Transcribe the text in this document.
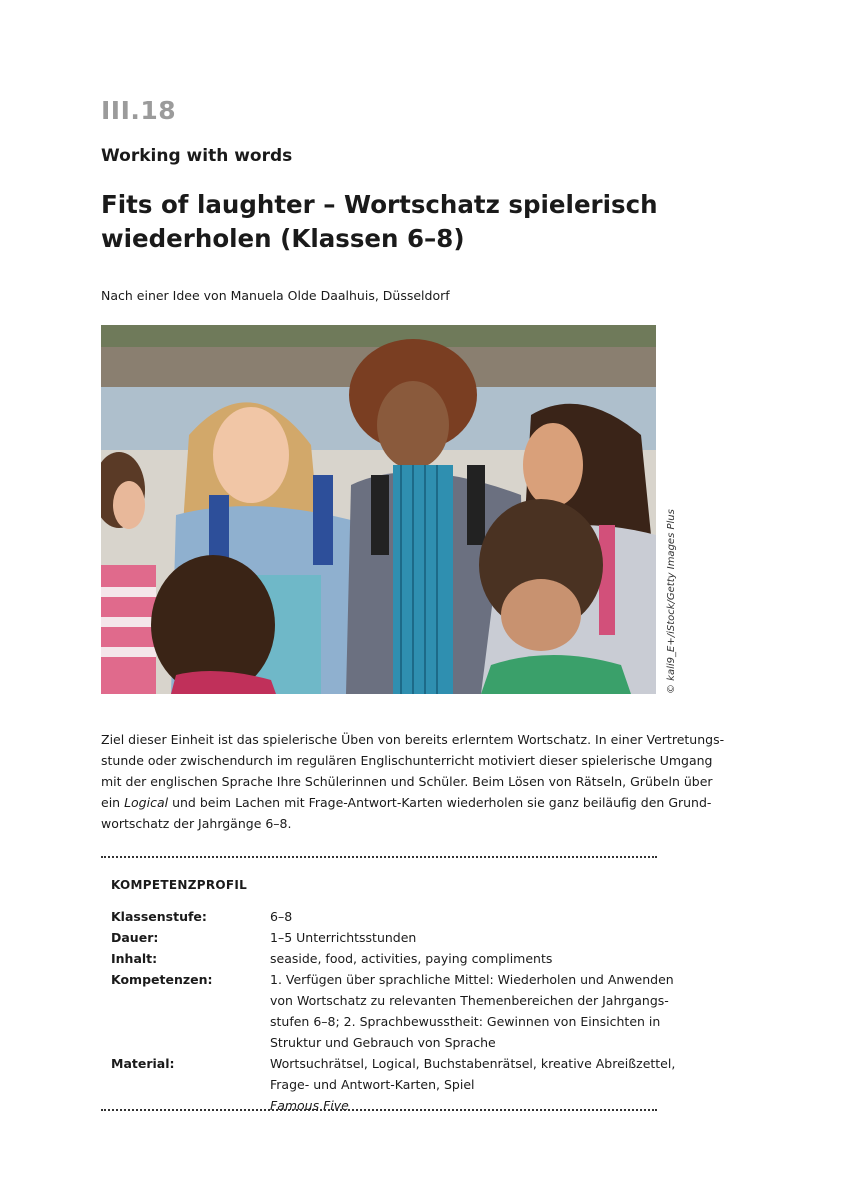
III.18
Working with words
Fits of laughter – Wortschatz spielerisch
wiederholen (Klassen 6–8)
Nach einer Idee von Manuela Olde Daalhuis, Düsseldorf
© kali9_E+/iStock/Getty Images Plus
Ziel dieser Einheit ist das spielerische Üben von bereits erlerntem Wortschatz. In einer Vertretungs-
stunde oder zwischendurch im regulären Englischunterricht motiviert dieser spielerische Umgang
mit der englischen Sprache Ihre Schülerinnen und Schüler. Beim Lösen von Rätseln, Grübeln über
ein Logical und beim Lachen mit Frage-Antwort-Karten wiederholen sie ganz beiläufig den Grund-
wortschatz der Jahrgänge 6–8.
KOMPETENZPROFIL
Klassenstufe:	6–8
Dauer:	1–5 Unterrichtsstunden
Inhalt:	seaside, food, activities, paying compliments
Kompetenzen:	1. Verfügen über sprachliche Mittel: Wiederholen und Anwenden
von Wortschatz zu relevanten Themenbereichen der Jahrgangs-
stufen 6–8; 2. Sprachbewusstheit: Gewinnen von Einsichten in
Struktur und Gebrauch von Sprache
Material:	Wortsuchrätsel, Logical, Buchstabenrätsel, kreative Abreißzettel,
Frage- und Antwort-Karten, Spiel
Famous Five
